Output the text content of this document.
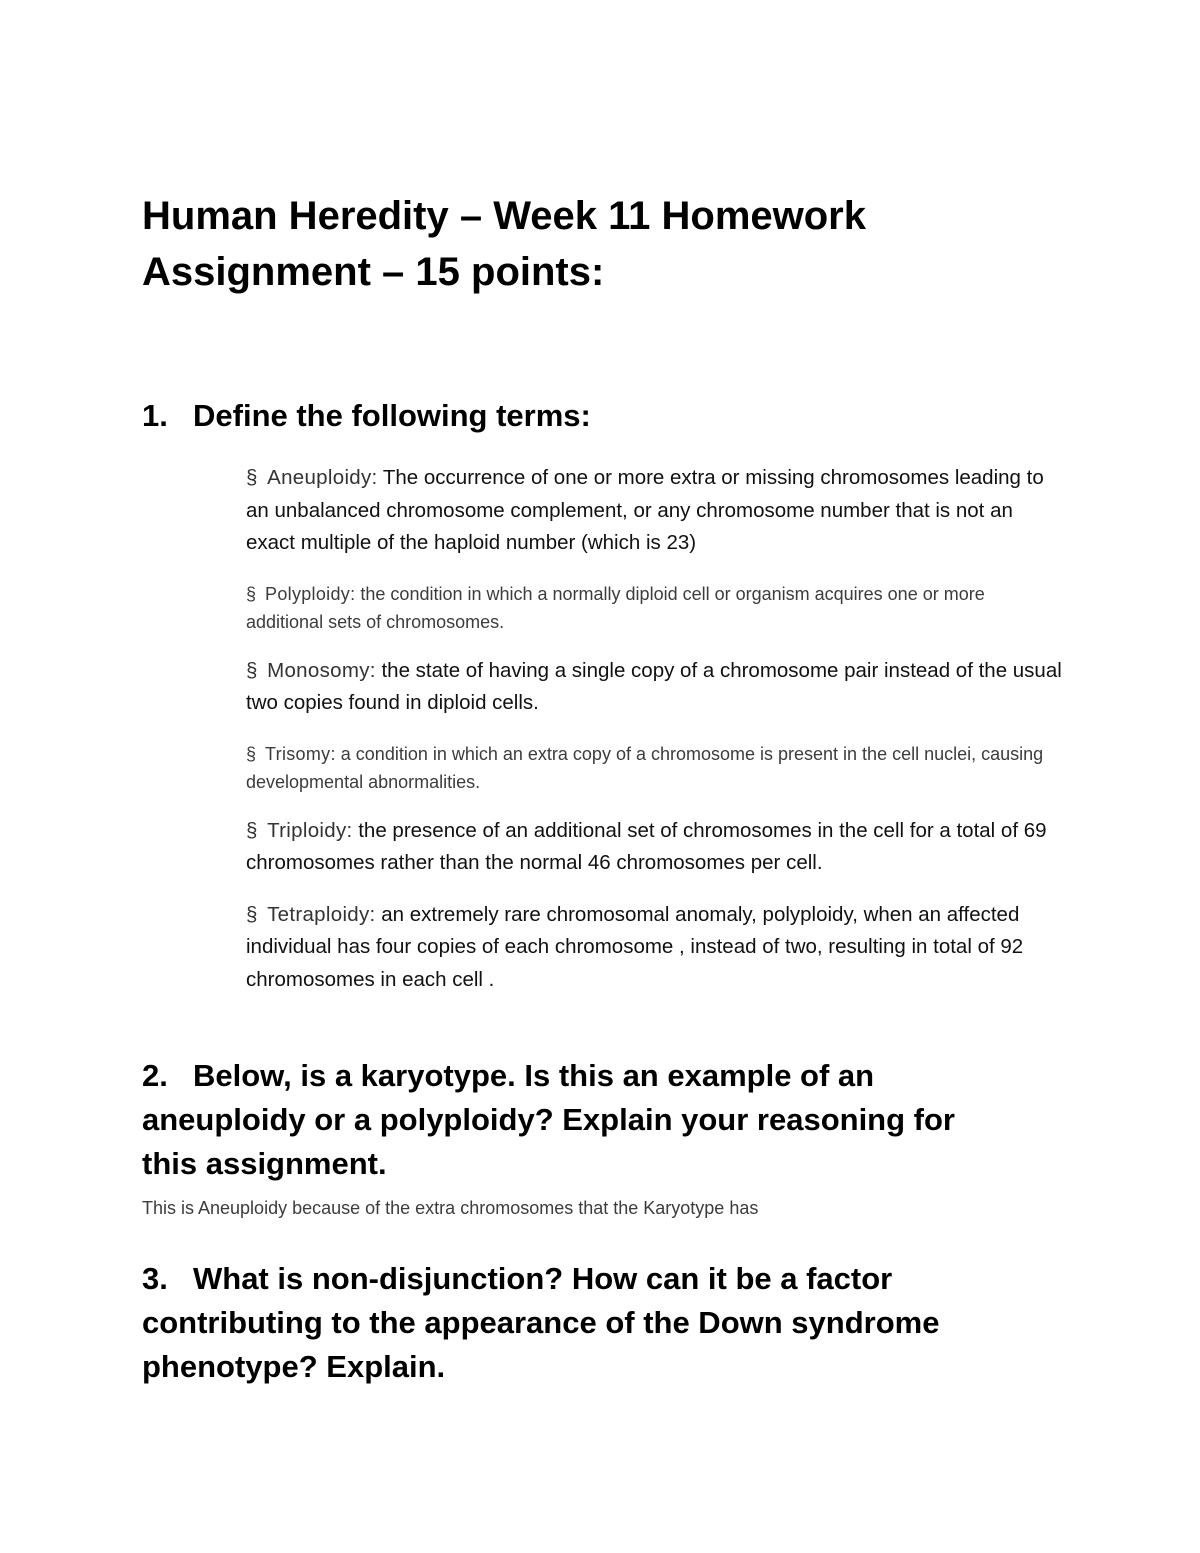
Human Heredity – Week 11 Homework
Assignment – 15 points:
1. Define the following terms:

§ Aneuploidy: The occurrence of one or more extra or missing chromosomes leading to an unbalanced chromosome complement, or any chromosome number that is not an exact multiple of the haploid number (which is 23)

§ Polyploidy: the condition in which a normally diploid cell or organism acquires one or more additional sets of chromosomes.

§ Monosomy: the state of having a single copy of a chromosome pair instead of the usual two copies found in diploid cells.

§ Trisomy: a condition in which an extra copy of a chromosome is present in the cell nuclei, causing developmental abnormalities.

§ Triploidy: the presence of an additional set of chromosomes in the cell for a total of 69 chromosomes rather than the normal 46 chromosomes per cell.

§ Tetraploidy: an extremely rare chromosomal anomaly, polyploidy, when an affected individual has four copies of each chromosome , instead of two, resulting in total of 92 chromosomes in each cell .

2. Below, is a karyotype. Is this an example of an
aneuploidy or a polyploidy? Explain your reasoning for
this assignment.

This is Aneuploidy because of the extra chromosomes that the Karyotype has

3. What is non-disjunction? How can it be a factor
contributing to the appearance of the Down syndrome
phenotype? Explain.
